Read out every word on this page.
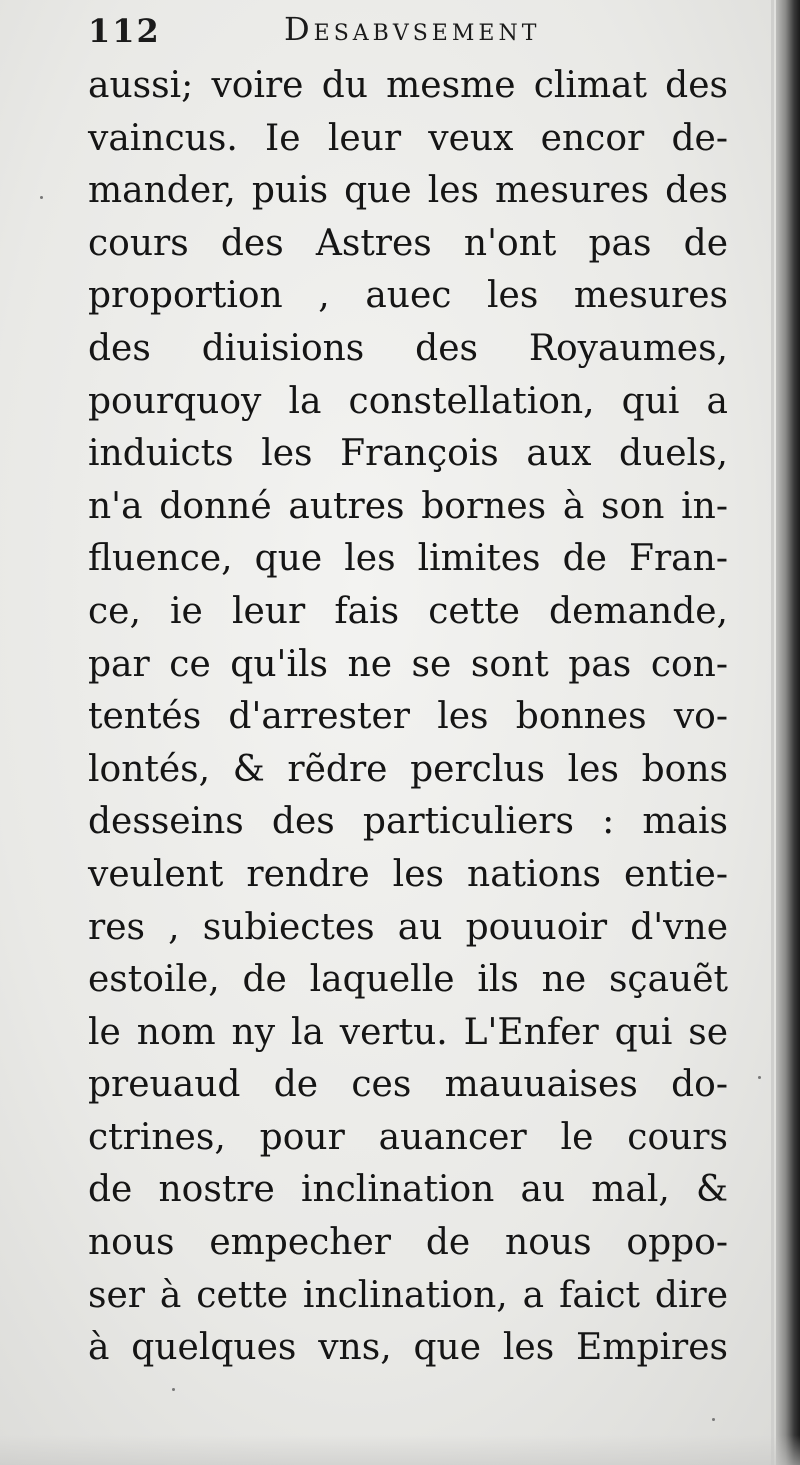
112	Desabvsement
aussi; voire du mesme climat des
vaincus. Ie leur veux encor de-
mander, puis que les mesures des
cours des Astres n'ont pas de
proportion , auec les mesures
des diuisions des Royaumes,
pourquoy la constellation, qui a
induicts les François aux duels,
n'a donné autres bornes à son in-
fluence, que les limites de Fran-
ce, ie leur fais cette demande,
par ce qu'ils ne se sont pas con-
tentés d'arrester les bonnes vo-
lontés, & rẽdre perclus les bons
desseins des particuliers : mais
veulent rendre les nations entie-
res , subiectes au pouuoir d'vne
estoile, de laquelle ils ne sçauẽt
le nom ny la vertu. L'Enfer qui se
preuaud de ces mauuaises do-
ctrines, pour auancer le cours
de nostre inclination au mal, &
nous empecher de nous oppo-
ser à cette inclination, a faict dire
à quelques vns, que les Empires
